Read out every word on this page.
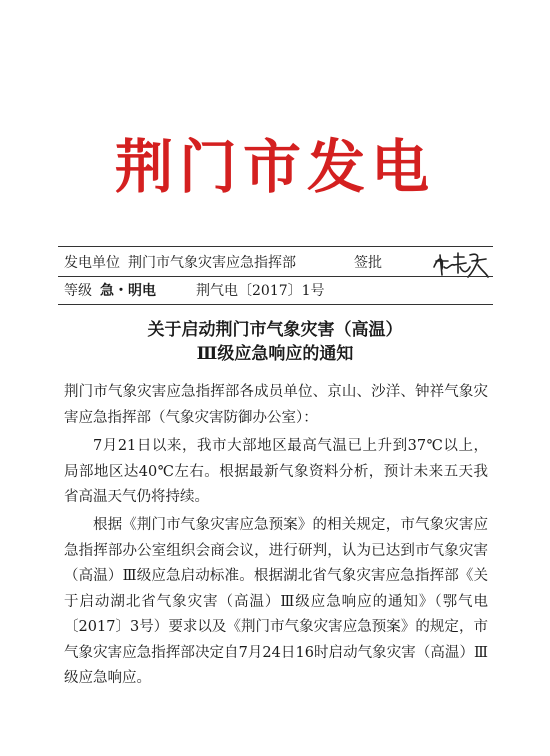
荆门市发电
发电单位 荆门市气象灾害应急指挥部	签批
等级 急・明电	荆气电〔2017〕1号
关于启动荆门市气象灾害（高温）
Ⅲ级应急响应的通知
荆门市气象灾害应急指挥部各成员单位、京山、沙洋、钟祥气象灾害应急指挥部（气象灾害防御办公室）：
7月21日以来，我市大部地区最高气温已上升到37℃以上，局部地区达40℃左右。根据最新气象资料分析，预计未来五天我省高温天气仍将持续。
根据《荆门市气象灾害应急预案》的相关规定，市气象灾害应急指挥部办公室组织会商会议，进行研判，认为已达到市气象灾害（高温）Ⅲ级应急启动标准。根据湖北省气象灾害应急指挥部《关于启动湖北省气象灾害（高温）Ⅲ级应急响应的通知》（鄂气电〔2017〕3号）要求以及《荆门市气象灾害应急预案》的规定，市气象灾害应急指挥部决定自7月24日16时启动气象灾害（高温）Ⅲ级应急响应。
